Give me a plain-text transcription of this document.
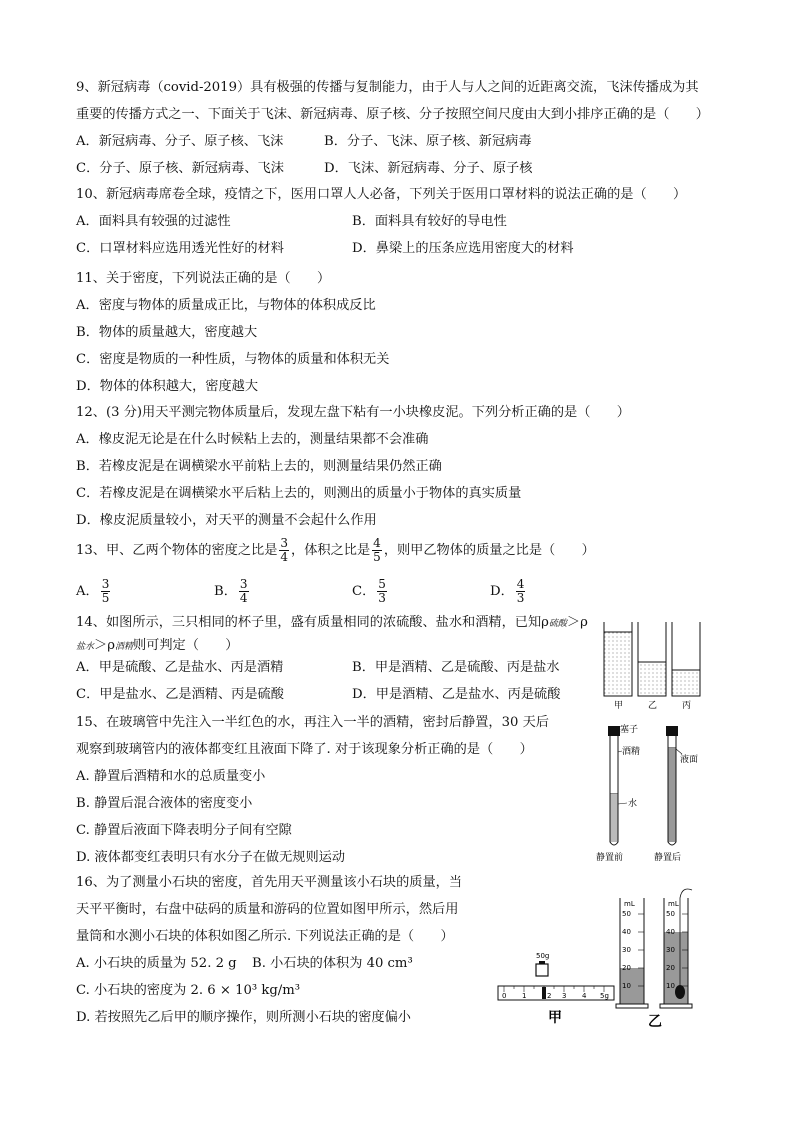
9、新冠病毒（covid-2019）具有极强的传播与复制能力，由于人与人之间的近距离交流，飞沫传播成为其
重要的传播方式之一、下面关于飞沫、新冠病毒、原子核、分子按照空间尺度由大到小排序正确的是（　　）
A．新冠病毒、分子、原子核、飞沫	B．分子、飞沫、原子核、新冠病毒
C．分子、原子核、新冠病毒、飞沫	D．飞沫、新冠病毒、分子、原子核
10、新冠病毒席卷全球，疫情之下，医用口罩人人必备，下列关于医用口罩材料的说法正确的是（　　）
A．面料具有较强的过滤性	B．面料具有较好的导电性
C．口罩材料应选用透光性好的材料	D．鼻梁上的压条应选用密度大的材料
11、关于密度，下列说法正确的是（　　）
A．密度与物体的质量成正比，与物体的体积成反比
B．物体的质量越大，密度越大
C．密度是物质的一种性质，与物体的质量和体积无关
D．物体的体积越大，密度越大
12、(3 分)用天平测完物体质量后，发现左盘下粘有一小块橡皮泥。下列分析正确的是（　　）
A．橡皮泥无论是在什么时候粘上去的，测量结果都不会准确
B．若橡皮泥是在调横梁水平前粘上去的，则测量结果仍然正确
C．若橡皮泥是在调横梁水平后粘上去的，则测出的质量小于物体的真实质量
D．橡皮泥质量较小，对天平的测量不会起什么作用
13、甲、乙两个物体的密度之比是 $\frac{3}{4}$ ，体积之比是 $\frac{4}{5}$ ，则甲乙物体的质量之比是（　　）
A． $\frac{3}{5}$	B． $\frac{3}{4}$	C． $\frac{5}{3}$	D． $\frac{4}{3}$
14、如图所示，三只相同的杯子里，盛有质量相同的浓硫酸、盐水和酒精，已知ρ硫酸＞ρ
盐水＞ρ酒精则可判定（　　）
A．甲是硫酸、乙是盐水、丙是酒精	B．甲是酒精、乙是硫酸、丙是盐水
C．甲是盐水、乙是酒精、丙是硫酸	D．甲是酒精、乙是盐水、丙是硫酸
甲	乙	丙
15、在玻璃管中先注入一半红色的水，再注入一半的酒精，密封后静置，30 天后
观察到玻璃管内的液体都变红且液面下降了. 对于该现象分析正确的是（　　）
A. 静置后酒精和水的总质量变小
B. 静置后混合液体的密度变小
C. 静置后液面下降表明分子间有空隙
D. 液体都变红表明只有水分子在做无规则运动
塞子
酒精
水
液面
静置前	静置后
16、为了测量小石块的密度，首先用天平测量该小石块的质量，当
天平平衡时，右盘中砝码的质量和游码的位置如图甲所示，然后用
量筒和水测小石块的体积如图乙所示. 下列说法正确的是（　　）
A. 小石块的质量为 52. 2 g B. 小石块的体积为 40 cm³
C. 小石块的密度为 2. 6 × 10³ kg/m³
D. 若按照先乙后甲的顺序操作，则所测小石块的密度偏小
50g
0 1	2 3 4 5g
甲
mL
50
40
30
20
10
mL
50
40
30
20
10
乙
